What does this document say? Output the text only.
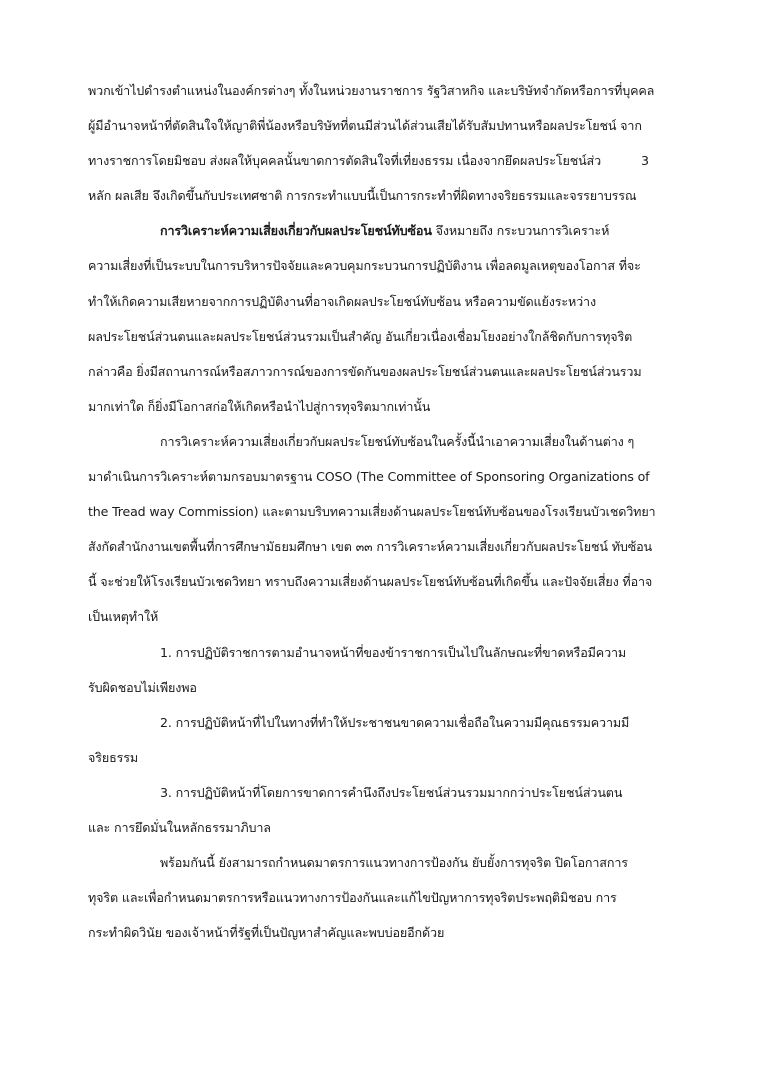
พวกเข้าไปดำรงตำแหน่งในองค์กรต่างๆ ทั้งในหน่วยงานราชการ รัฐวิสาหกิจ และบริษัทจำกัดหรือการที่บุคคล
ผู้มีอำนาจหน้าที่ตัดสินใจให้ญาติพี่น้องหรือบริษัทที่ตนมีส่วนได้ส่วนเสียได้รับสัมปทานหรือผลประโยชน์ จาก
ทางราชการโดยมิชอบ ส่งผลให้บุคคลนั้นขาดการตัดสินใจที่เที่ยงธรรม เนื่องจากยึดผลประโยชน์ส่ว	3
หลัก ผลเสีย จึงเกิดขึ้นกับประเทศชาติ การกระทำแบบนี้เป็นการกระทำที่ผิดทางจริยธรรมและจรรยาบรรณ
การวิเคราะห์ความเสี่ยงเกี่ยวกับผลประโยชน์ทับซ้อน จึงหมายถึง กระบวนการวิเคราะห์
ความเสี่ยงที่เป็นระบบในการบริหารปัจจัยและควบคุมกระบวนการปฏิบัติงาน เพื่อลดมูลเหตุของโอกาส ที่จะ
ทำให้เกิดความเสียหายจากการปฏิบัติงานที่อาจเกิดผลประโยชน์ทับซ้อน หรือความขัดแย้งระหว่าง
ผลประโยชน์ส่วนตนและผลประโยชน์ส่วนรวมเป็นสำคัญ อันเกี่ยวเนื่องเชื่อมโยงอย่างใกล้ชิดกับการทุจริต
กล่าวคือ ยิ่งมีสถานการณ์หรือสภาวการณ์ของการขัดกันของผลประโยชน์ส่วนตนและผลประโยชน์ส่วนรวม
มากเท่าใด ก็ยิ่งมีโอกาสก่อให้เกิดหรือนำไปสู่การทุจริตมากเท่านั้น
การวิเคราะห์ความเสี่ยงเกี่ยวกับผลประโยชน์ทับซ้อนในครั้งนี้นำเอาความเสี่ยงในด้านต่าง ๆ
มาดำเนินการวิเคราะห์ตามกรอบมาตรฐาน COSO (The Committee of Sponsoring Organizations of
the Tread way Commission) และตามบริบทความเสี่ยงด้านผลประโยชน์ทับซ้อนของโรงเรียนบัวเชดวิทยา
สังกัดสำนักงานเขตพื้นที่การศึกษามัธยมศึกษา เขต ๓๓ การวิเคราะห์ความเสี่ยงเกี่ยวกับผลประโยชน์ ทับซ้อน
นี้ จะช่วยให้โรงเรียนบัวเชดวิทยา ทราบถึงความเสี่ยงด้านผลประโยชน์ทับซ้อนที่เกิดขึ้น และปัจจัยเสี่ยง ที่อาจ
เป็นเหตุทำให้
1. การปฏิบัติราชการตามอำนาจหน้าที่ของข้าราชการเป็นไปในลักษณะที่ขาดหรือมีความ
รับผิดชอบไม่เพียงพอ
2. การปฏิบัติหน้าที่ไปในทางที่ทำให้ประชาชนขาดความเชื่อถือในความมีคุณธรรมความมี
จริยธรรม
3. การปฏิบัติหน้าที่โดยการขาดการคำนึงถึงประโยชน์ส่วนรวมมากกว่าประโยชน์ส่วนตน
และ การยึดมั่นในหลักธรรมาภิบาล
พร้อมกันนี้ ยังสามารถกำหนดมาตรการแนวทางการป้องกัน ยับยั้งการทุจริต ปิดโอกาสการ
ทุจริต และเพื่อกำหนดมาตรการหรือแนวทางการป้องกันและแก้ไขปัญหาการทุจริตประพฤติมิชอบ การ
กระทำผิดวินัย ของเจ้าหน้าที่รัฐที่เป็นปัญหาสำคัญและพบบ่อยอีกด้วย
